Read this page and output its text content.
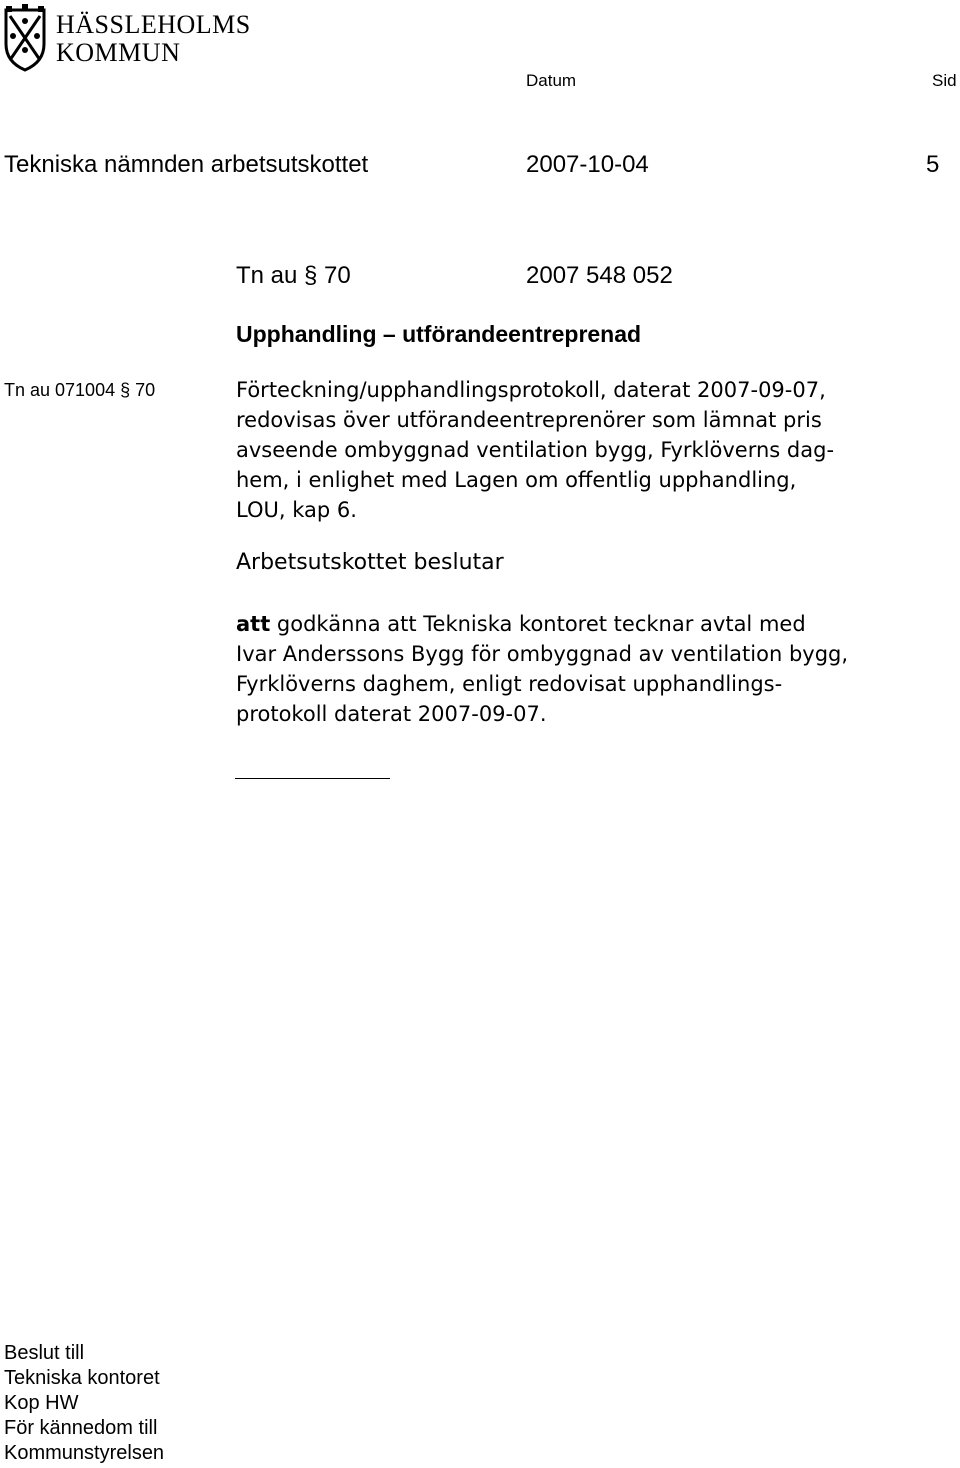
HÄSSLEHOLMS
KOMMUN
Datum	Sid
Tekniska nämnden arbetsutskottet	2007-10-04	5
Tn au § 70	2007 548 052
Upphandling – utförandeentreprenad
Tn au 071004 § 70	Förteckning/upphandlingsprotokoll, daterat 2007-09-07,
redovisas över utförandeentreprenörer som lämnat pris
avseende ombyggnad ventilation bygg, Fyrklöverns dag-
hem, i enlighet med Lagen om offentlig upphandling,
LOU, kap 6.
Arbetsutskottet beslutar
att godkänna att Tekniska kontoret tecknar avtal med
Ivar Anderssons Bygg för ombyggnad av ventilation bygg,
Fyrklöverns daghem, enligt redovisat upphandlings-
protokoll daterat 2007-09-07.
Beslut till
Tekniska kontoret
Kop HW
För kännedom till
Kommunstyrelsen
